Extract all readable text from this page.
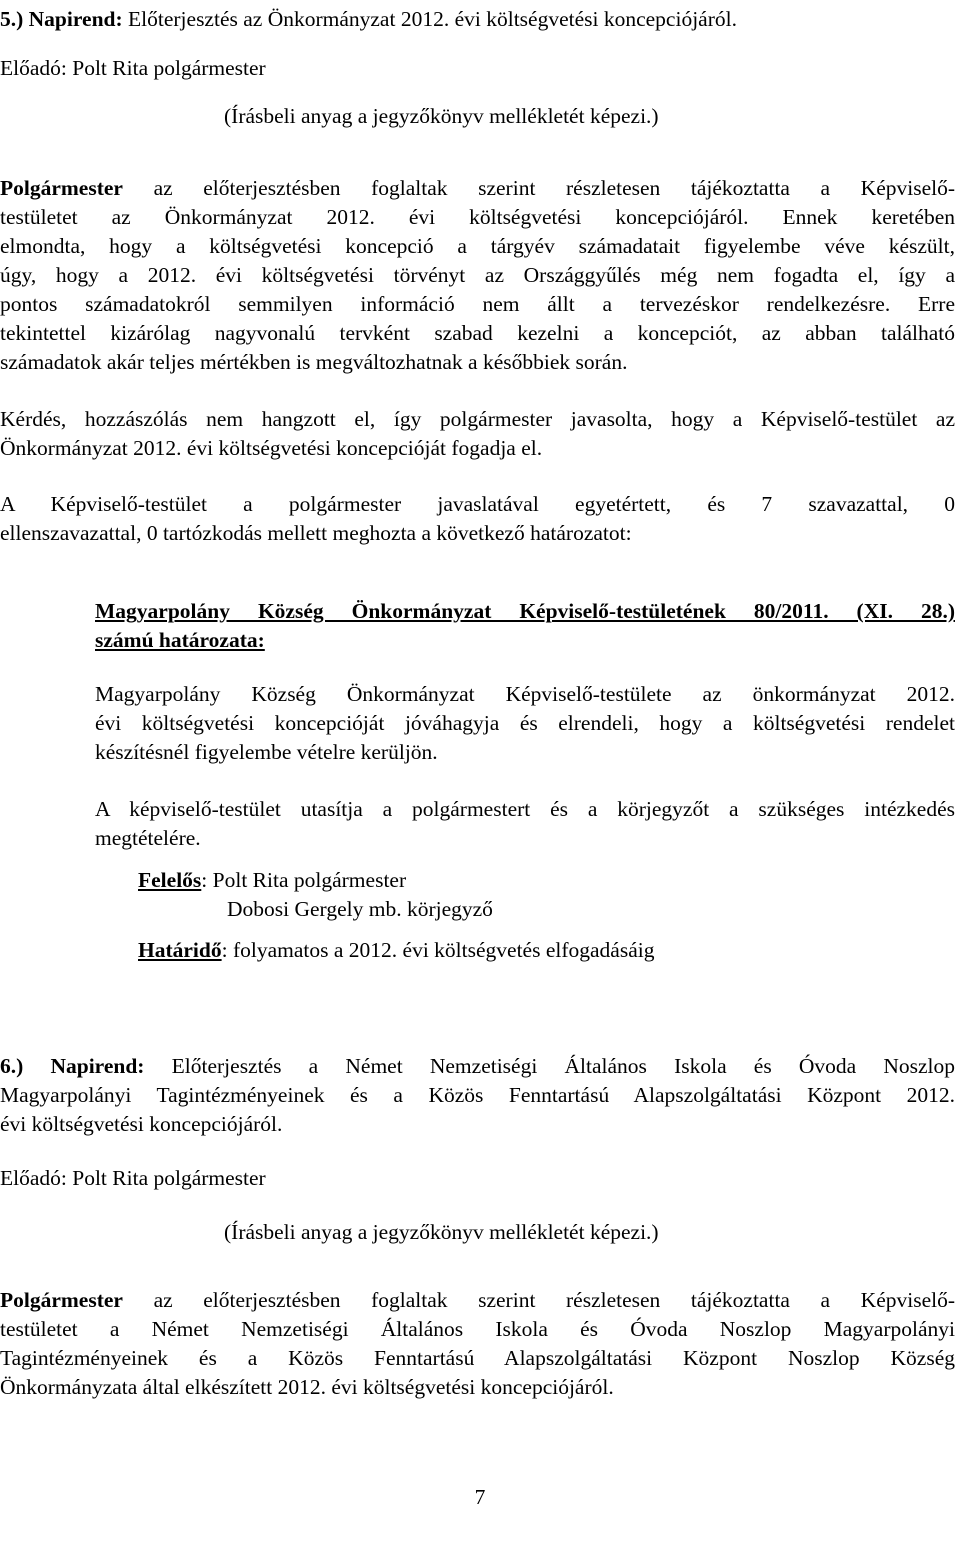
5.) Napirend: Előterjesztés az Önkormányzat 2012. évi költségvetési koncepciójáról.
Előadó: Polt Rita polgármester
(Írásbeli anyag a jegyzőkönyv mellékletét képezi.)
Polgármester az előterjesztésben foglaltak szerint részletesen tájékoztatta a Képviselő-
testületet az Önkormányzat 2012. évi költségvetési koncepciójáról. Ennek keretében
elmondta, hogy a költségvetési koncepció a tárgyév számadatait figyelembe véve készült,
úgy, hogy a 2012. évi költségvetési törvényt az Országgyűlés még nem fogadta el, így a
pontos számadatokról semmilyen információ nem állt a tervezéskor rendelkezésre. Erre
tekintettel kizárólag nagyvonalú tervként szabad kezelni a koncepciót, az abban található
számadatok akár teljes mértékben is megváltozhatnak a későbbiek során.
Kérdés, hozzászólás nem hangzott el, így polgármester javasolta, hogy a Képviselő-testület az
Önkormányzat 2012. évi költségvetési koncepcióját fogadja el.
A Képviselő-testület a polgármester javaslatával egyetértett, és 7 szavazattal, 0
ellenszavazattal, 0 tartózkodás mellett meghozta a következő határozatot:
Magyarpolány Község Önkormányzat Képviselő-testületének 80/2011. (XI. 28.)
számú határozata:
Magyarpolány Község Önkormányzat Képviselő-testülete az önkormányzat 2012.
évi költségvetési koncepcióját jóváhagyja és elrendeli, hogy a költségvetési rendelet
készítésnél figyelembe vételre kerüljön.
A képviselő-testület utasítja a polgármestert és a körjegyzőt a szükséges intézkedés
megtételére.
Felelős: Polt Rita polgármester
Dobosi Gergely mb. körjegyző
Határidő: folyamatos a 2012. évi költségvetés elfogadásáig
6.) Napirend: Előterjesztés a Német Nemzetiségi Általános Iskola és Óvoda Noszlop
Magyarpolányi Tagintézményeinek és a Közös Fenntartású Alapszolgáltatási Központ 2012.
évi költségvetési koncepciójáról.
Előadó: Polt Rita polgármester
(Írásbeli anyag a jegyzőkönyv mellékletét képezi.)
Polgármester az előterjesztésben foglaltak szerint részletesen tájékoztatta a Képviselő-
testületet a Német Nemzetiségi Általános Iskola és Óvoda Noszlop Magyarpolányi
Tagintézményeinek és a Közös Fenntartású Alapszolgáltatási Központ Noszlop Község
Önkormányzata által elkészített 2012. évi költségvetési koncepciójáról.
7
